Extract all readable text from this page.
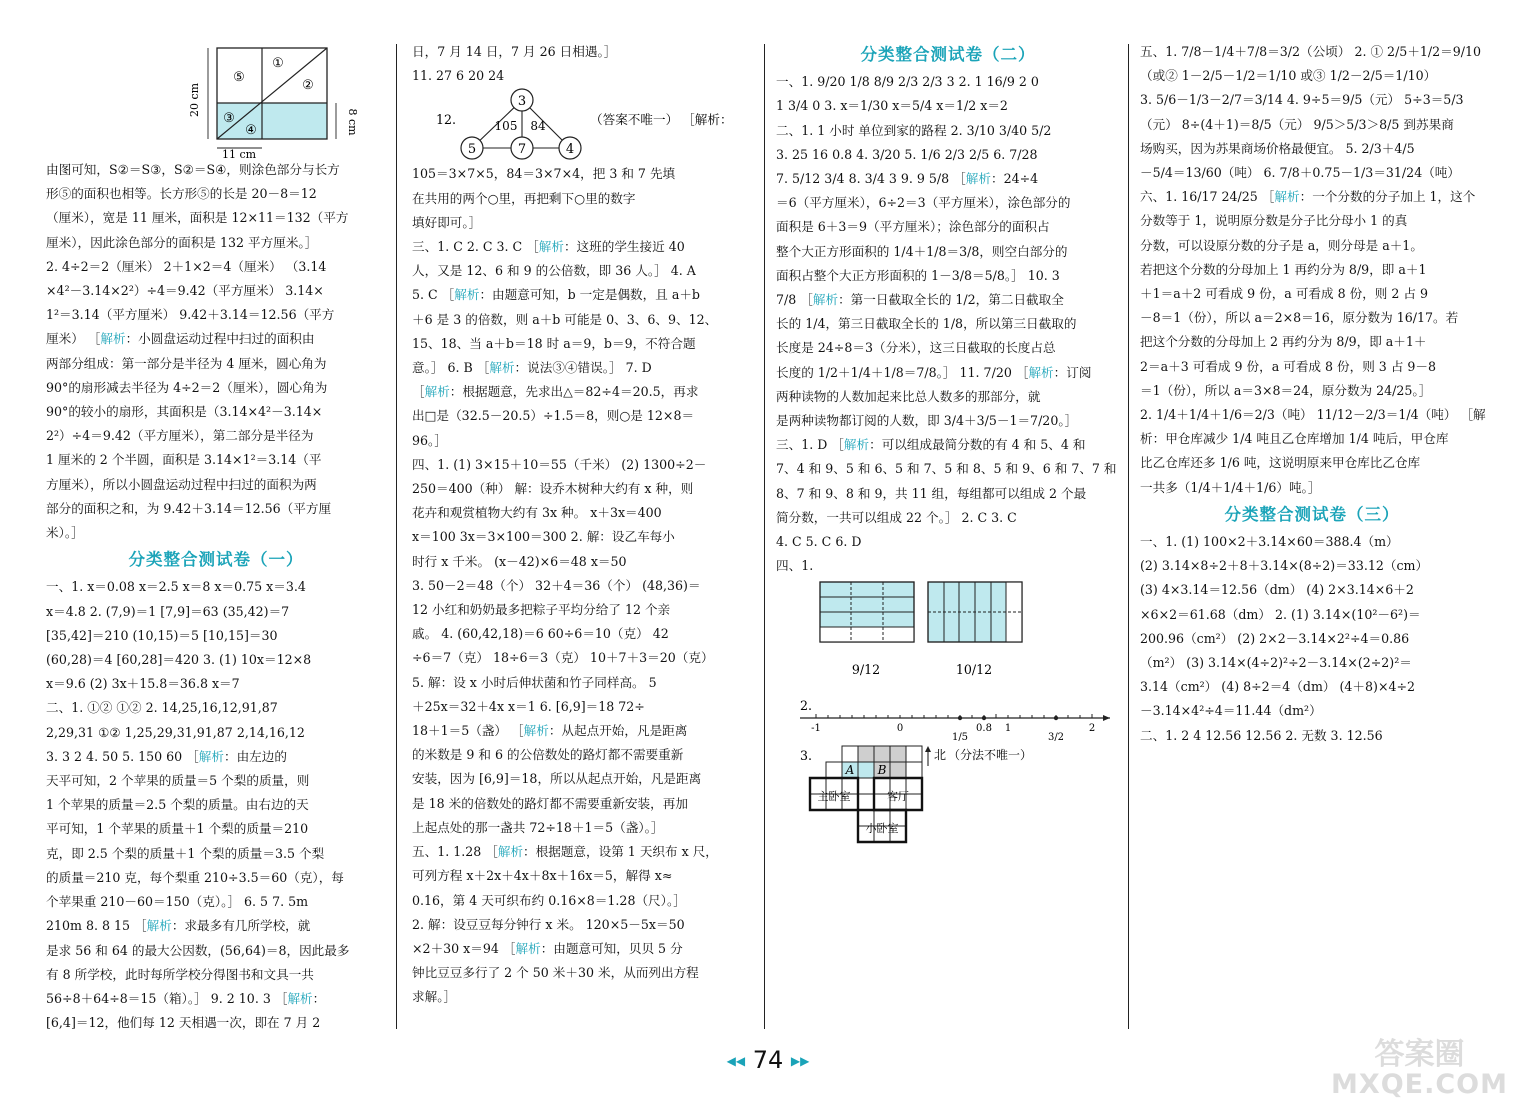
20 cm
8 cm
11 cm
⑤
①
②
③
④

由图可知，S②＝S③，S②＝S④，则涂色部分与长方

形⑤的面积也相等。长方形⑤的长是 20－8＝12

（厘米），宽是 11 厘米，面积是 12×11＝132（平方

厘米），因此涂色部分的面积是 132 平方厘米。］

2. 4÷2＝2（厘米） 2＋1×2＝4（厘米） （3.14

×4²－3.14×2²）÷4＝9.42（平方厘米） 3.14×

1²＝3.14（平方厘米） 9.42＋3.14＝12.56（平方

厘米） ［解析：小圆盘运动过程中扫过的面积由

两部分组成：第一部分是半径为 4 厘米，圆心角为

90°的扇形减去半径为 4÷2＝2（厘米），圆心角为

90°的较小的扇形，其面积是（3.14×4²－3.14×

2²）÷4＝9.42（平方厘米），第二部分是半径为

1 厘米的 2 个半圆，面积是 3.14×1²＝3.14（平

方厘米），所以小圆盘运动过程中扫过的面积为两

部分的面积之和，为 9.42＋3.14＝12.56（平方厘

米）。］

分类整合测试卷（一）

一、1. x＝0.08 x＝2.5 x＝8 x＝0.75 x＝3.4

x＝4.8 2. (7,9)＝1 [7,9]＝63 (35,42)＝7

[35,42]＝210 (10,15)＝5 [10,15]＝30

(60,28)＝4 [60,28]＝420 3. (1) 10x＝12×8

x＝9.6 (2) 3x＋15.8＝36.8 x＝7

二、1. ①② ①② 2. 14,25,16,12,91,87

2,29,31 ①② 1,25,29,31,91,87 2,14,16,12

3. 3 2 4. 50 5. 150 60 ［解析：由左边的

天平可知，2 个苹果的质量＝5 个梨的质量，则

1 个苹果的质量＝2.5 个梨的质量。由右边的天

平可知，1 个苹果的质量＋1 个梨的质量＝210

克，即 2.5 个梨的质量＋1 个梨的质量＝3.5 个梨

的质量＝210 克，每个梨重 210÷3.5＝60（克），每

个苹果重 210－60＝150（克）。］ 6. 5 7. 5m

210m 8. 8 15 ［解析：求最多有几所学校，就

是求 56 和 64 的最大公因数，(56,64)＝8，因此最多

有 8 所学校，此时每所学校分得图书和文具一共

56÷8＋64÷8＝15（箱）。］ 9. 2 10. 3 ［解析：

[6,4]＝12，他们每 12 天相遇一次，即在 7 月 2

日，7 月 14 日，7 月 26 日相遇。］

11. 27 6 20 24

12.
3
5	7	4
105 84	（答案不唯一） ［解析：

105＝3×7×5，84＝3×7×4，把 3 和 7 先填

在共用的两个○里，再把剩下○里的数字

填好即可。］

三、1. C 2. C 3. C ［解析：这班的学生接近 40

人，又是 12、6 和 9 的公倍数，即 36 人。］ 4. A

5. C ［解析：由题意可知，b 一定是偶数，且 a＋b

＋6 是 3 的倍数，则 a＋b 可能是 0、3、6、9、12、

15、18、当 a＋b＝18 时 a＝9，b＝9，不符合题

意。］ 6. B ［解析：说法③④错误。］ 7. D

［解析：根据题意，先求出△＝82÷4＝20.5，再求

出□是（32.5－20.5）÷1.5＝8，则○是 12×8＝

96。］

四、1. (1) 3×15＋10＝55（千米） (2) 1300÷2－

250＝400（种） 解：设乔木树种大约有 x 种，则

花卉和观赏植物大约有 3x 种。 x＋3x＝400

x＝100 3x＝3×100＝300 2. 解：设乙车每小

时行 x 千米。 (x－42)×6＝48 x＝50

3. 50－2＝48（个） 32＋4＝36（个） (48,36)＝

12 小红和奶奶最多把粽子平均分给了 12 个亲

戚。 4. (60,42,18)＝6 60÷6＝10（克） 42

÷6＝7（克） 18÷6＝3（克） 10＋7＋3＝20（克）

5. 解：设 x 小时后伸状菌和竹子同样高。 5

＋25x＝32＋4x x＝1 6. [6,9]＝18 72÷

18＋1＝5（盏） ［解析：从起点开始，凡是距离

的米数是 9 和 6 的公倍数处的路灯都不需要重新

安装，因为 [6,9]＝18，所以从起点开始，凡是距离

是 18 米的倍数处的路灯都不需要重新安装，再加

上起点处的那一盏共 72÷18＋1＝5（盏）。］

五、1. 1.28 ［解析：根据题意，设第 1 天织布 x 尺，

可列方程 x＋2x＋4x＋8x＋16x＝5，解得 x≈

0.16，第 4 天可织布约 0.16×8＝1.28（尺）。］

2. 解：设豆豆每分钟行 x 米。 120×5－5x＝50

×2＋30 x＝94 ［解析：由题意可知，贝贝 5 分

钟比豆豆多行了 2 个 50 米＋30 米，从而列出方程

求解。］

分类整合测试卷（二）

一、1. 9/20 1/8 8/9 2/3 2/3 3 2. 1 16/9 2 0

1 3/4 0 3. x＝1/30 x＝5/4 x＝1/2 x＝2

二、1. 1 小时 单位到家的路程 2. 3/10 3/40 5/2

3. 25 16 0.8 4. 3/20 5. 1/6 2/3 2/5 6. 7/28

7. 5/12 3/4 8. 3/4 3 9. 9 5/8 ［解析：24÷4

＝6（平方厘米），6÷2＝3（平方厘米），涂色部分的

面积是 6＋3＝9（平方厘米）；涂色部分的面积占

整个大正方形面积的 1/4＋1/8＝3/8，则空白部分的

面积占整个大正方形面积的 1－3/8＝5/8。］ 10. 3

7/8 ［解析：第一日截取全长的 1/2，第二日截取全

长的 1/4，第三日截取全长的 1/8，所以第三日截取的

长度是 24÷8＝3（分米），这三日截取的长度占总

长度的 1/2＋1/4＋1/8＝7/8。］ 11. 7/20 ［解析：订阅

两种读物的人数加起来比总人数多的那部分，就

是两种读物都订阅的人数，即 3/4＋3/5－1＝7/20。］

三、1. D ［解析：可以组成最简分数的有 4 和 5、4 和

7、4 和 9、5 和 6、5 和 7、5 和 8、5 和 9、6 和 7、7 和

8、7 和 9、8 和 9，共 11 组，每组都可以组成 2 个最

简分数，一共可以组成 22 个。］ 2. C 3. C

4. C 5. C 6. D

四、1.

9/12	10/12
2.
-1	0	0.8 1	2
1/5	3/2
3.
A B
主卧室	客厅
小卧室
北 （分法不唯一）

五、1. 7/8－1/4＋7/8＝3/2（公顷） 2. ① 2/5＋1/2＝9/10

（或② 1－2/5－1/2＝1/10 或③ 1/2－2/5＝1/10）

3. 5/6－1/3－2/7＝3/14 4. 9÷5＝9/5（元） 5÷3＝5/3

（元） 8÷(4＋1)＝8/5（元） 9/5＞5/3＞8/5 到苏果商

场购买，因为苏果商场价格最便宜。 5. 2/3＋4/5

－5/4＝13/60（吨） 6. 7/8＋0.75－1/3＝31/24（吨）

六、1. 16/17 24/25 ［解析：一个分数的分子加上 1，这个

分数等于 1，说明原分数是分子比分母小 1 的真

分数，可以设原分数的分子是 a，则分母是 a＋1。

若把这个分数的分母加上 1 再约分为 8/9，即 a＋1

＋1＝a＋2 可看成 9 份，a 可看成 8 份，则 2 占 9

－8＝1（份），所以 a＝2×8＝16，原分数为 16/17。若

把这个分数的分母加上 2 再约分为 8/9，即 a＋1＋

2＝a＋3 可看成 9 份，a 可看成 8 份，则 3 占 9－8

＝1（份），所以 a＝3×8＝24，原分数为 24/25。］

2. 1/4＋1/4＋1/6＝2/3（吨） 11/12－2/3＝1/4（吨） ［解

析：甲仓库减少 1/4 吨且乙仓库增加 1/4 吨后，甲仓库

比乙仓库还多 1/6 吨，这说明原来甲仓库比乙仓库

一共多（1/4＋1/4＋1/6）吨。］

分类整合测试卷（三）

一、1. (1) 100×2＋3.14×60＝388.4（m）

(2) 3.14×8÷2＋8＋3.14×(8÷2)＝33.12（cm）

(3) 4×3.14＝12.56（dm） (4) 2×3.14×6＋2

×6×2＝61.68（dm） 2. (1) 3.14×(10²－6²)＝

200.96（cm²） (2) 2×2－3.14×2²÷4＝0.86

（m²） (3) 3.14×(4÷2)²÷2－3.14×(2÷2)²＝

3.14（cm²） (4) 8÷2＝4（dm） (4＋8)×4÷2

－3.14×4²÷4＝11.44（dm²）

二、1. 2 4 12.56 12.56 2. 无数 3. 12.56

◀◀ 74 ▶▶	答案圈
MXQE.COM
